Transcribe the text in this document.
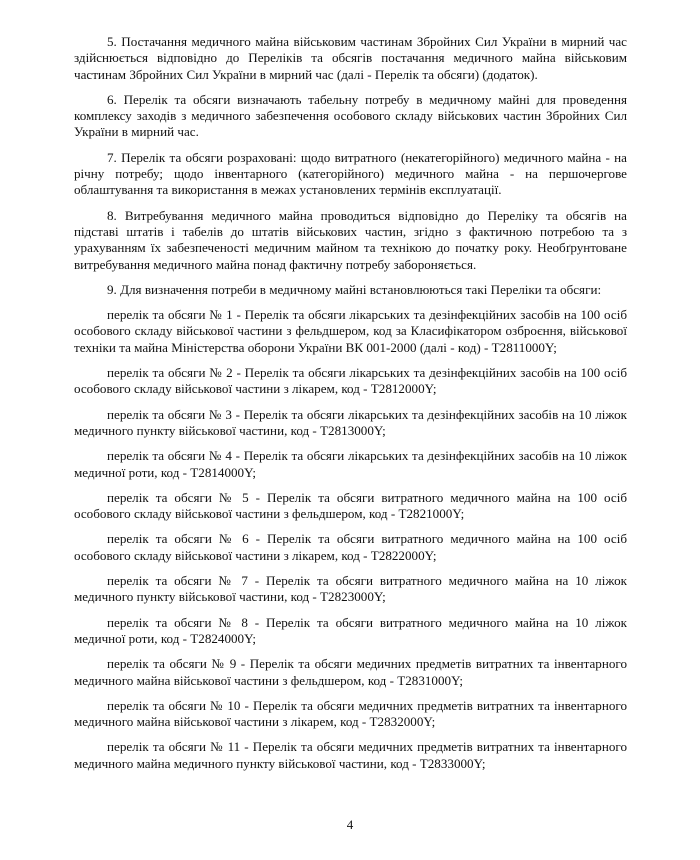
5. Постачання медичного майна військовим частинам Збройних Сил України в мирний час здійснюється відповідно до Переліків та обсягів постачання медичного майна військовим частинам Збройних Сил України в мирний час (далі - Перелік та обсяги) (додаток).

6. Перелік та обсяги визначають табельну потребу в медичному майні для проведення комплексу заходів з медичного забезпечення особового складу військових частин Збройних Сил України в мирний час.

7. Перелік та обсяги розраховані: щодо витратного (некатегорійного) медичного майна - на річну потребу; щодо інвентарного (категорійного) медичного майна - на першочергове облаштування та використання в межах установлених термінів експлуатації.

8. Витребування медичного майна проводиться відповідно до Переліку та обсягів на підставі штатів і табелів до штатів військових частин, згідно з фактичною потребою та з урахуванням їх забезпеченості медичним майном та технікою до початку року. Необґрунтоване витребування медичного майна понад фактичну потребу забороняється.

9. Для визначення потреби в медичному майні встановлюються такі Переліки та обсяги:

перелік та обсяги № 1 - Перелік та обсяги лікарських та дезінфекційних засобів на 100 осіб особового складу військової частини з фельдшером, код за Класифікатором озброєння, військової техніки та майна Міністерства оборони України ВК 001-2000 (далі - код) - Т2811000Y;

перелік та обсяги № 2 - Перелік та обсяги лікарських та дезінфекційних засобів на 100 осіб особового складу військової частини з лікарем, код - Т2812000Y;

перелік та обсяги № 3 - Перелік та обсяги лікарських та дезінфекційних засобів на 10 ліжок медичного пункту військової частини, код - Т2813000Y;

перелік та обсяги № 4 - Перелік та обсяги лікарських та дезінфекційних засобів на 10 ліжок медичної роти, код - Т2814000Y;

перелік та обсяги № 5 - Перелік та обсяги витратного медичного майна на 100 осіб особового складу військової частини з фельдшером, код - Т2821000Y;

перелік та обсяги № 6 - Перелік та обсяги витратного медичного майна на 100 осіб особового складу військової частини з лікарем, код - Т2822000Y;

перелік та обсяги № 7 - Перелік та обсяги витратного медичного майна на 10 ліжок медичного пункту військової частини, код - Т2823000Y;

перелік та обсяги № 8 - Перелік та обсяги витратного медичного майна на 10 ліжок медичної роти, код - Т2824000Y;

перелік та обсяги № 9 - Перелік та обсяги медичних предметів витратних та інвентарного медичного майна військової частини з фельдшером, код - Т2831000Y;

перелік та обсяги № 10 - Перелік та обсяги медичних предметів витратних та інвентарного медичного майна військової частини з лікарем, код - Т2832000Y;

перелік та обсяги № 11 - Перелік та обсяги медичних предметів витратних та інвентарного медичного майна медичного пункту військової частини, код - Т2833000Y;

4
